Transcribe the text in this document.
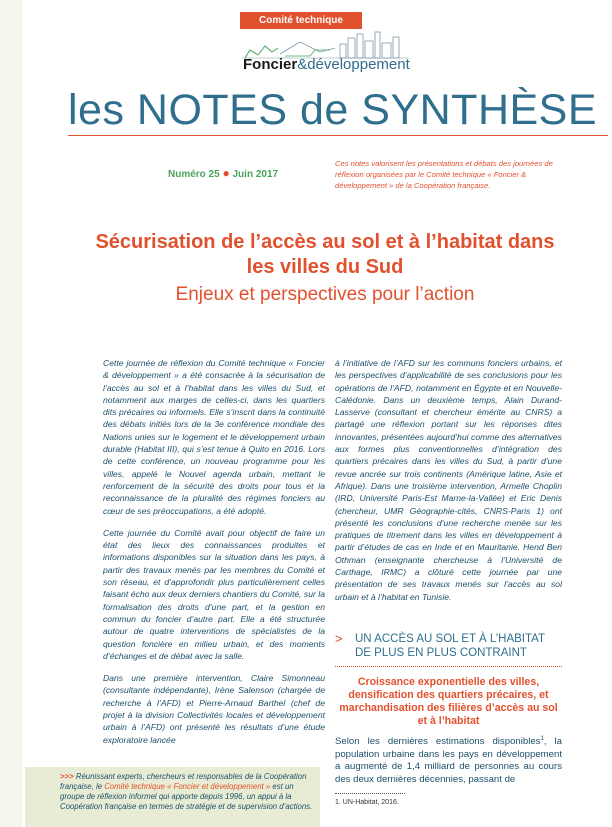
Comité technique
Foncier&développement
les NOTES de SYNTHÈSE
Numéro 25 ● Juin 2017
Ces notes valorisent les présentations et débats des journées de réflexion organisées par le Comité technique « Foncier & développement » de la Coopération française.
Sécurisation de l’accès au sol et à l’habitat dans les villes du Sud
Enjeux et perspectives pour l’action

Cette journée de réflexion du Comité technique « Foncier & développement » a été consacrée à la sécurisation de l’accès au sol et à l’habitat dans les villes du Sud, et notamment aux marges de celles-ci, dans les quartiers dits précaires ou informels. Elle s’inscrit dans la continuité des débats initiés lors de la 3e conférence mondiale des Nations unies sur le logement et le développement urbain durable (Habitat III), qui s’est tenue à Quito en 2016. Lors de cette conférence, un nouveau programme pour les villes, appelé le Nouvel agenda urbain, mettant le renforcement de la sécurité des droits pour tous et la reconnaissance de la pluralité des régimes fonciers au cœur de ses préoccupations, a été adopté.

Cette journée du Comité avait pour objectif de faire un état des lieux des connaissances produites et informations disponibles sur la situation dans les pays, à partir des travaux menés par les membres du Comité et son réseau, et d’approfondir plus particulièrement celles faisant écho aux deux derniers chantiers du Comité, sur la formalisation des droits d’une part, et la gestion en commun du foncier d’autre part. Elle a été structurée autour de quatre interventions de spécialistes de la question foncière en milieu urbain, et des moments d’échanges et de débat avec la salle.

Dans une première intervention, Claire Simonneau (consultante indépendante), Irène Salenson (chargée de recherche à l’AFD) et Pierre-Arnaud Barthel (chef de projet à la division Collectivités locales et développement urbain à l’AFD) ont présenté les résultats d’une étude exploratoire lancée

à l’initiative de l’AFD sur les communs fonciers urbains, et les perspectives d’applicabilité de ses conclusions pour les opérations de l’AFD, notamment en Égypte et en Nouvelle-Calédonie. Dans un deuxième temps, Alain Durand-Lasserve (consultant et chercheur émérite au CNRS) a partagé une réflexion portant sur les réponses dites innovantes, présentées aujourd’hui comme des alternatives aux formes plus conventionnelles d’intégration des quartiers précaires dans les villes du Sud, à partir d’une revue ancrée sur trois continents (Amérique latine, Asie et Afrique). Dans une troisième intervention, Armelle Choplin (IRD, Université Paris-Est Marne-la-Vallée) et Eric Denis (chercheur, UMR Géographie-cités, CNRS-Paris 1) ont présenté les conclusions d’une recherche menée sur les pratiques de titrement dans les villes en développement à partir d’études de cas en Inde et en Mauritanie. Hend Ben Othman (enseignante chercheuse à l’Université de Carthage, IRMC) a clôturé cette journée par une présentation de ses travaux menés sur l’accès au sol urbain et à l’habitat en Tunisie.

> UN ACCÈS AU SOL ET À L’HABITAT DE PLUS EN PLUS CONTRAINT
Croissance exponentielle des villes, densification des quartiers précaires, et marchandisation des filières d’accès au sol et à l’habitat
Selon les dernières estimations disponibles$^1$, la population urbaine dans les pays en développement a augmenté de 1,4 milliard de personnes au cours des deux dernières décennies, passant de
1. UN-Habitat, 2016.
>>> Réunissant experts, chercheurs et responsables de la Coopération française, le Comité technique « Foncier et développement » est un groupe de réflexion informel qui apporte depuis 1996, un appui à la Coopération française en termes de stratégie et de supervision d’actions.
